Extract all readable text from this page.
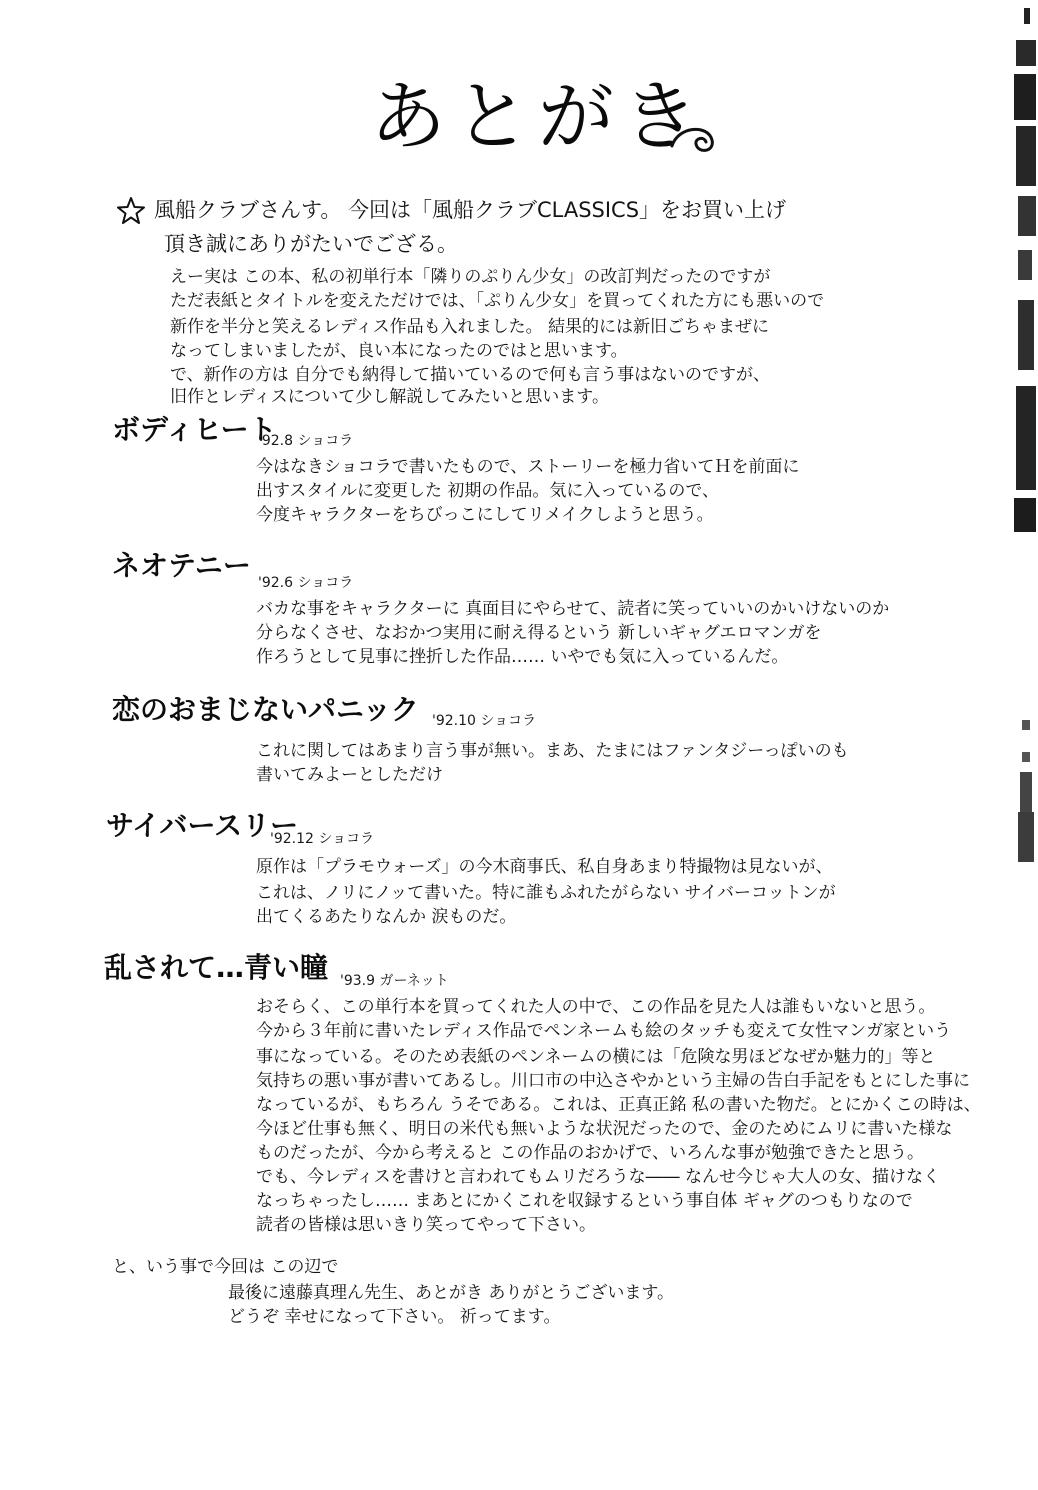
あとがき
風船クラブさんす。 今回は「風船クラブCLASSICS」をお買い上げ
頂き誠にありがたいでござる。
えー実は この本、私の初単行本「隣りのぷりん少女」の改訂判だったのですが
ただ表紙とタイトルを変えただけでは、「ぷりん少女」を買ってくれた方にも悪いので
新作を半分と笑えるレディス作品も入れました。 結果的には新旧ごちゃまぜに
なってしまいましたが、良い本になったのではと思います。
で、新作の方は 自分でも納得して描いているので何も言う事はないのですが、
旧作とレディスについて少し解説してみたいと思います。
ボディヒート
'92.8 ショコラ
今はなきショコラで書いたもので、ストーリーを極力省いてＨを前面に
出すスタイルに変更した 初期の作品。気に入っているので、
今度キャラクターをちびっこにしてリメイクしようと思う。
ネオテニー
'92.6 ショコラ
バカな事をキャラクターに 真面目にやらせて、読者に笑っていいのかいけないのか
分らなくさせ、なおかつ実用に耐え得るという 新しいギャグエロマンガを
作ろうとして見事に挫折した作品…… いやでも気に入っているんだ。
恋のおまじないパニック '92.10 ショコラ
これに関してはあまり言う事が無い。まあ、たまにはファンタジーっぽいのも
書いてみよーとしただけ
サイバースリー
'92.12 ショコラ
原作は「プラモウォーズ」の今木商事氏、私自身あまり特撮物は見ないが、
これは、ノリにノッて書いた。特に誰もふれたがらない サイバーコットンが
出てくるあたりなんか 涙ものだ。
乱されて…青い瞳 '93.9 ガーネット
おそらく、この単行本を買ってくれた人の中で、この作品を見た人は誰もいないと思う。
今から３年前に書いたレディス作品でペンネームも絵のタッチも変えて女性マンガ家という
事になっている。そのため表紙のペンネームの横には「危険な男ほどなぜか魅力的」等と
気持ちの悪い事が書いてあるし。川口市の中込さやかという主婦の告白手記をもとにした事に
なっているが、もちろん うそである。これは、正真正銘 私の書いた物だ。とにかくこの時は、
今ほど仕事も無く、明日の米代も無いような状況だったので、金のためにムリに書いた様な
ものだったが、今から考えると この作品のおかげで、いろんな事が勉強できたと思う。
でも、今レディスを書けと言われてもムリだろうな―― なんせ今じゃ大人の女、描けなく
なっちゃったし…… まあとにかくこれを収録するという事自体 ギャグのつもりなので
読者の皆様は思いきり笑ってやって下さい。
と、いう事で今回は この辺で
最後に遠藤真理ん先生、あとがき ありがとうございます。
どうぞ 幸せになって下さい。 祈ってます。
